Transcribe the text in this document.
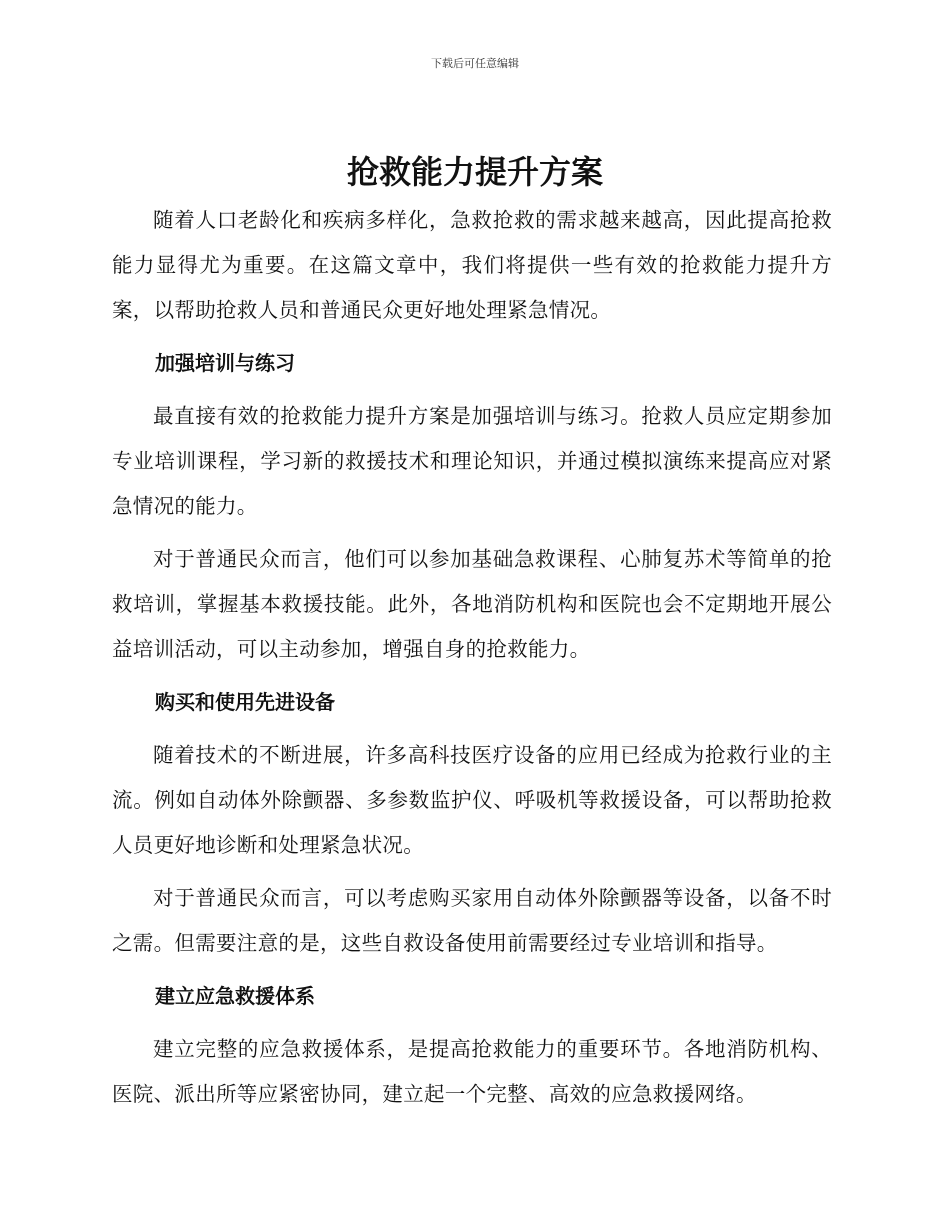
下载后可任意编辑
抢救能力提升方案

随着人口老龄化和疾病多样化，急救抢救的需求越来越高，因此提高抢救能力显得尤为重要。在这篇文章中，我们将提供一些有效的抢救能力提升方案，以帮助抢救人员和普通民众更好地处理紧急情况。

加强培训与练习

最直接有效的抢救能力提升方案是加强培训与练习。抢救人员应定期参加专业培训课程，学习新的救援技术和理论知识，并通过模拟演练来提高应对紧急情况的能力。

对于普通民众而言，他们可以参加基础急救课程、心肺复苏术等简单的抢救培训，掌握基本救援技能。此外，各地消防机构和医院也会不定期地开展公益培训活动，可以主动参加，增强自身的抢救能力。

购买和使用先进设备

随着技术的不断进展，许多高科技医疗设备的应用已经成为抢救行业的主流。例如自动体外除颤器、多参数监护仪、呼吸机等救援设备，可以帮助抢救人员更好地诊断和处理紧急状况。

对于普通民众而言，可以考虑购买家用自动体外除颤器等设备，以备不时之需。但需要注意的是，这些自救设备使用前需要经过专业培训和指导。

建立应急救援体系

建立完整的应急救援体系，是提高抢救能力的重要环节。各地消防机构、医院、派出所等应紧密协同，建立起一个完整、高效的应急救援网络。
